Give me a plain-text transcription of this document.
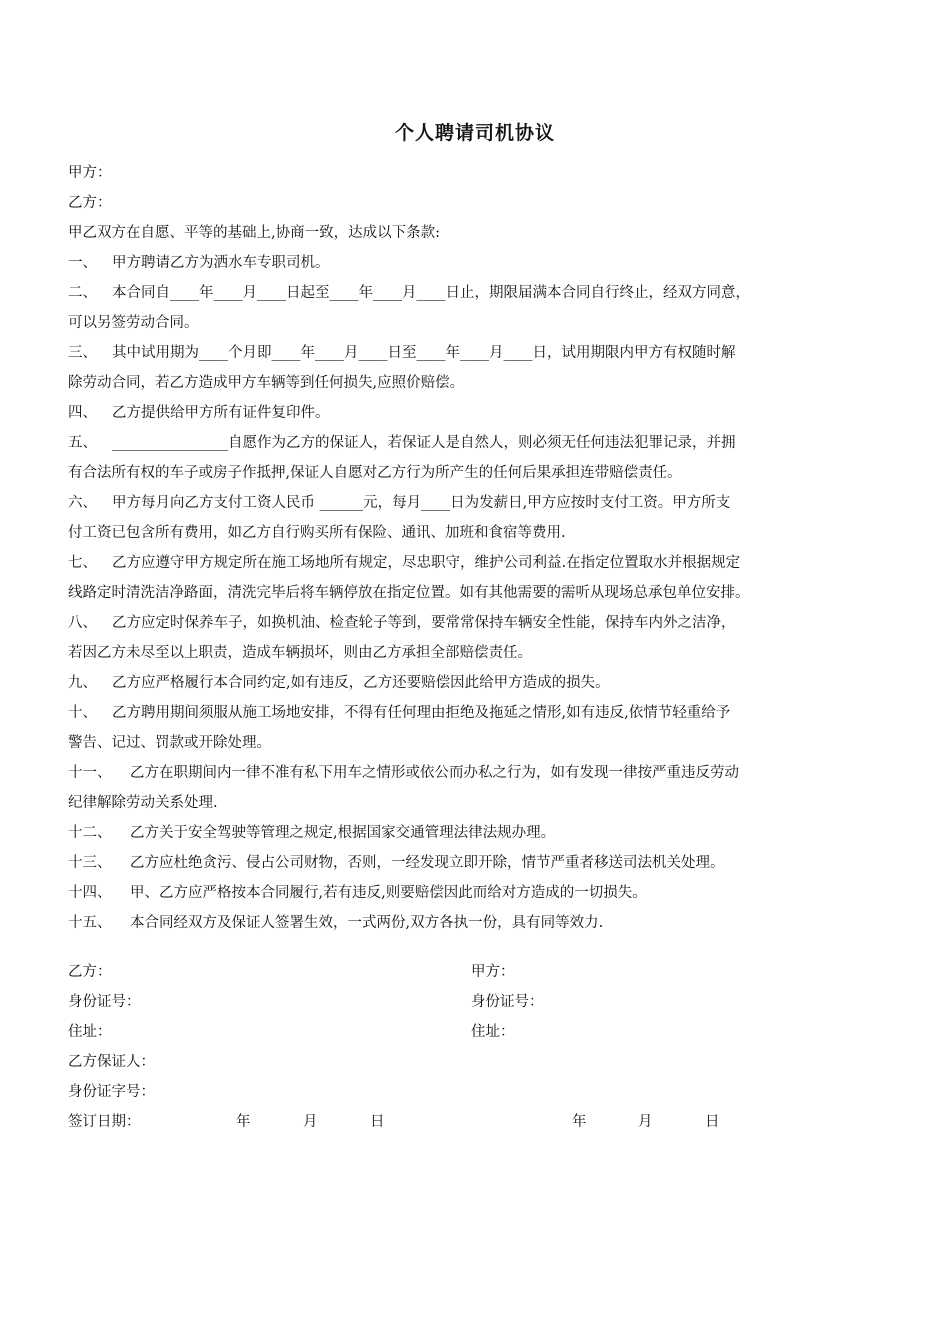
个人聘请司机协议
甲方：
乙方：
甲乙双方在自愿、平等的基础上,协商一致，达成以下条款:
一、 甲方聘请乙方为洒水车专职司机。
二、 本合同自____年____月____日起至____年____月____日止，期限届满本合同自行终止，经双方同意，
可以另签劳动合同。
三、 其中试用期为____个月即____年____月____日至____年____月____日，试用期限内甲方有权随时解
除劳动合同，若乙方造成甲方车辆等到任何损失,应照价赔偿。
四、 乙方提供给甲方所有证件复印件。
五、 ________________自愿作为乙方的保证人，若保证人是自然人，则必须无任何违法犯罪记录，并拥
有合法所有权的车子或房子作抵押,保证人自愿对乙方行为所产生的任何后果承担连带赔偿责任。
六、 甲方每月向乙方支付工资人民币 ______元，每月____日为发薪日,甲方应按时支付工资。甲方所支
付工资已包含所有费用，如乙方自行购买所有保险、通讯、加班和食宿等费用.
七、 乙方应遵守甲方规定所在施工场地所有规定，尽忠职守，维护公司利益.在指定位置取水并根据规定
线路定时清洗洁净路面，清洗完毕后将车辆停放在指定位置。如有其他需要的需听从现场总承包单位安排。
八、 乙方应定时保养车子，如换机油、检查轮子等到，要常常保持车辆安全性能，保持车内外之洁净，
若因乙方未尽至以上职责，造成车辆损坏，则由乙方承担全部赔偿责任。
九、 乙方应严格履行本合同约定,如有违反，乙方还要赔偿因此给甲方造成的损失。
十、 乙方聘用期间须服从施工场地安排，不得有任何理由拒绝及拖延之情形,如有违反,依情节轻重给予
警告、记过、罚款或开除处理。
十一、 乙方在职期间内一律不准有私下用车之情形或依公而办私之行为，如有发现一律按严重违反劳动
纪律解除劳动关系处理.
十二、 乙方关于安全驾驶等管理之规定,根据国家交通管理法律法规办理。
十三、 乙方应杜绝贪污、侵占公司财物，否则，一经发现立即开除，情节严重者移送司法机关处理。
十四、 甲、乙方应严格按本合同履行,若有违反,则要赔偿因此而给对方造成的一切损失。
十五、 本合同经双方及保证人签署生效，一式两份,双方各执一份，具有同等效力.
乙方：	甲方：
身份证号：	身份证号：
住址：	住址：
乙方保证人：
身份证字号：
签订日期：	年	月	日	年	月	日
